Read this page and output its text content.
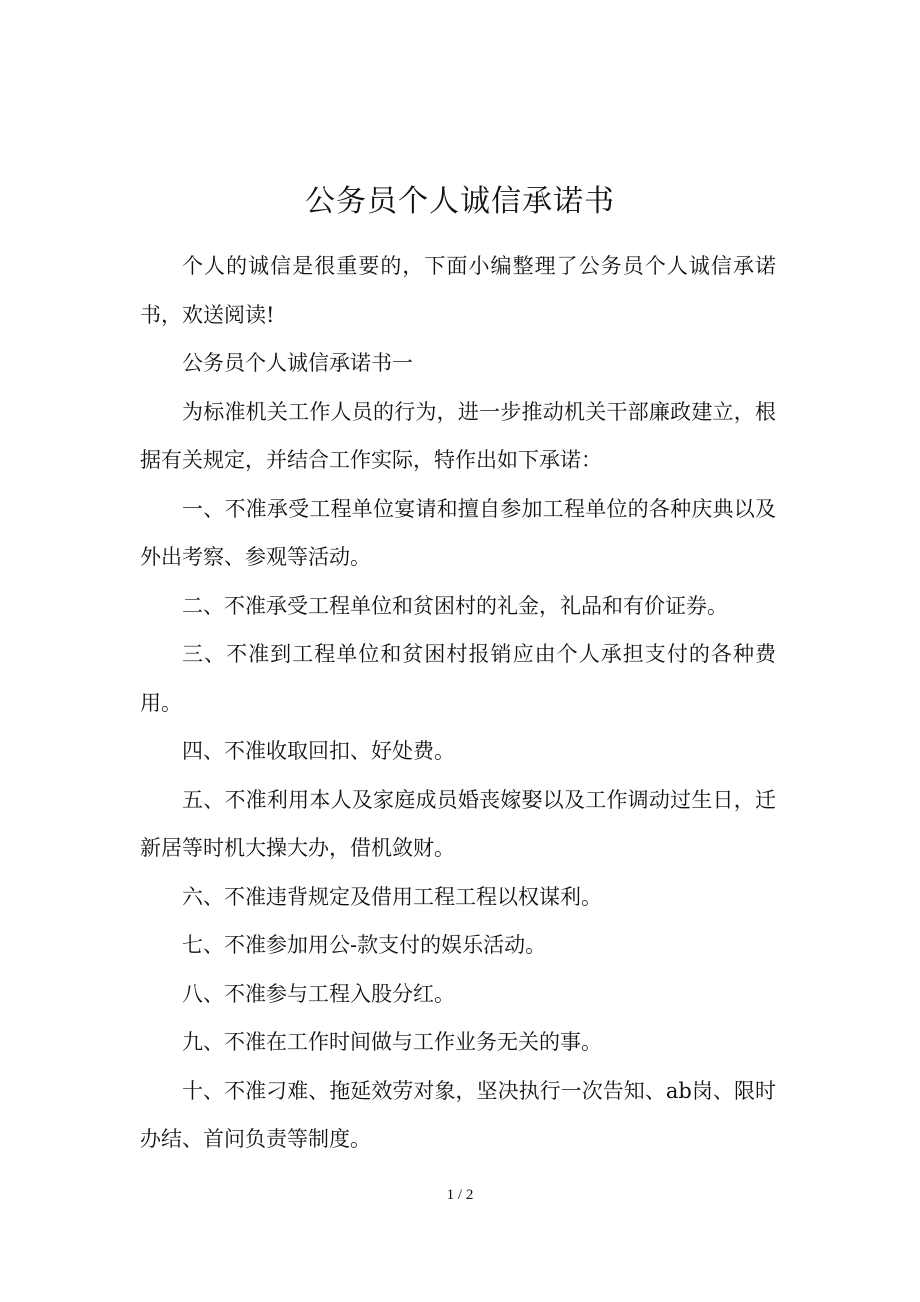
公务员个人诚信承诺书

个人的诚信是很重要的，下面小编整理了公务员个人诚信承诺书，欢送阅读!

公务员个人诚信承诺书一

为标准机关工作人员的行为，进一步推动机关干部廉政建立，根据有关规定，并结合工作实际，特作出如下承诺：

一、不准承受工程单位宴请和擅自参加工程单位的各种庆典以及外出考察、参观等活动。

二、不准承受工程单位和贫困村的礼金，礼品和有价证券。

三、不准到工程单位和贫困村报销应由个人承担支付的各种费用。

四、不准收取回扣、好处费。

五、不准利用本人及家庭成员婚丧嫁娶以及工作调动过生日，迁新居等时机大操大办，借机敛财。

六、不准违背规定及借用工程工程以权谋利。

七、不准参加用公-款支付的娱乐活动。

八、不准参与工程入股分红。

九、不准在工作时间做与工作业务无关的事。

十、不准刁难、拖延效劳对象，坚决执行一次告知、ab岗、限时办结、首问负责等制度。

1 / 2
